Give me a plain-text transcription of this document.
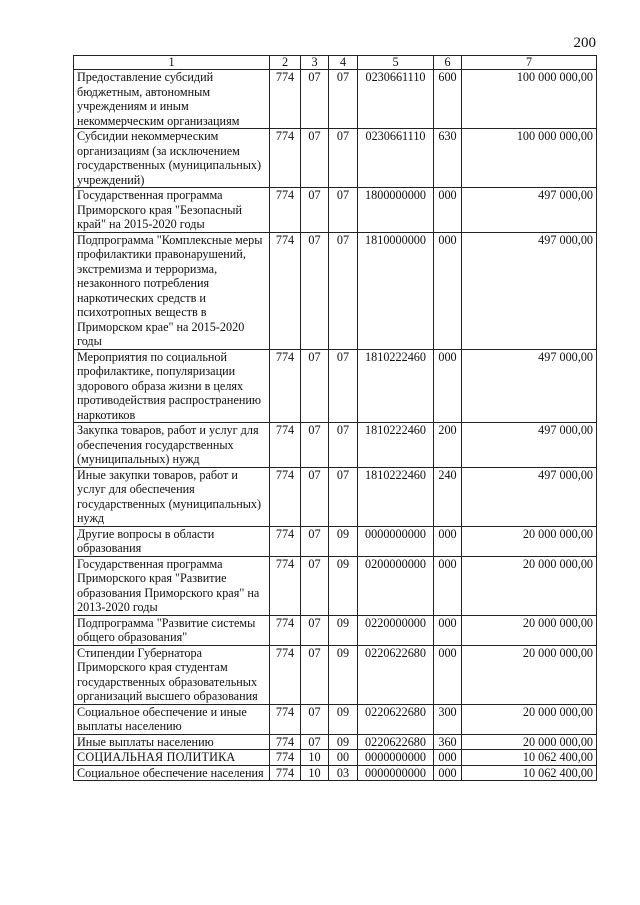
200
1	2	3	4	5	6	7
Предоставление субсидий бюджетным, автономным учреждениям и иным некоммерческим организациям	774	07	07	0230661110	600	100 000 000,00
Субсидии некоммерческим организациям (за исключением государственных (муниципальных) учреждений)	774	07	07	0230661110	630	100 000 000,00
Государственная программа Приморского края "Безопасный край" на 2015-2020 годы	774	07	07	1800000000	000	497 000,00
Подпрограмма "Комплексные меры профилактики правонарушений, экстремизма и терроризма, незаконного потребления наркотических средств и психотропных веществ в Приморском крае" на 2015-2020 годы	774	07	07	1810000000	000	497 000,00
Мероприятия по социальной профилактике, популяризации здорового образа жизни в целях противодействия распространению наркотиков	774	07	07	1810222460	000	497 000,00
Закупка товаров, работ и услуг для обеспечения государственных (муниципальных) нужд	774	07	07	1810222460	200	497 000,00
Иные закупки товаров, работ и услуг для обеспечения государственных (муниципальных) нужд	774	07	07	1810222460	240	497 000,00
Другие вопросы в области образования	774	07	09	0000000000	000	20 000 000,00
Государственная программа Приморского края "Развитие образования Приморского края" на 2013-2020 годы	774	07	09	0200000000	000	20 000 000,00
Подпрограмма "Развитие системы общего образования"	774	07	09	0220000000	000	20 000 000,00
Стипендии Губернатора Приморского края студентам государственных образовательных организаций высшего образования	774	07	09	0220622680	000	20 000 000,00
Социальное обеспечение и иные выплаты населению	774	07	09	0220622680	300	20 000 000,00
Иные выплаты населению	774	07	09	0220622680	360	20 000 000,00
СОЦИАЛЬНАЯ ПОЛИТИКА	774	10	00	0000000000	000	10 062 400,00
Социальное обеспечение населения	774	10	03	0000000000	000	10 062 400,00
